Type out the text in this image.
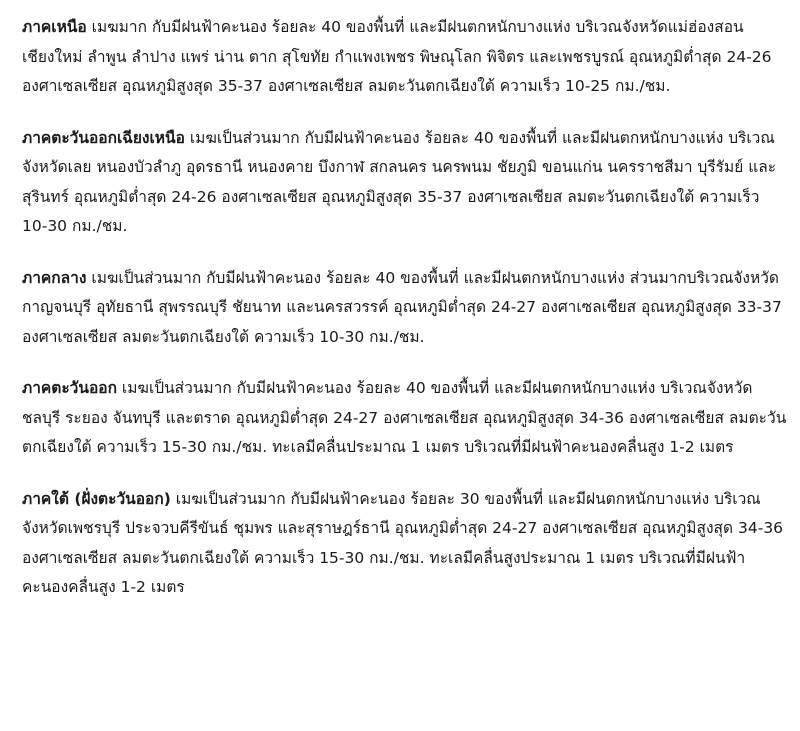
ภาคเหนือ เมฆมาก กับมีฝนฟ้าคะนอง ร้อยละ 40 ของพื้นที่ และมีฝนตกหนักบางแห่ง บริเวณจังหวัดแม่ฮ่องสอน เชียงใหม่ ลำพูน ลำปาง แพร่ น่าน ตาก สุโขทัย กำแพงเพชร พิษณุโลก พิจิตร และเพชรบูรณ์ อุณหภูมิต่ำสุด 24-26 องศาเซลเซียส อุณหภูมิสูงสุด 35-37 องศาเซลเซียส ลมตะวันตกเฉียงใต้ ความเร็ว 10-25 กม./ชม.

ภาคตะวันออกเฉียงเหนือ เมฆเป็นส่วนมาก กับมีฝนฟ้าคะนอง ร้อยละ 40 ของพื้นที่ และมีฝนตกหนักบางแห่ง บริเวณจังหวัดเลย หนองบัวลำภู อุดรธานี หนองคาย บึงกาฬ สกลนคร นครพนม ชัยภูมิ ขอนแก่น นครราชสีมา บุรีรัมย์ และสุรินทร์ อุณหภูมิต่ำสุด 24-26 องศาเซลเซียส อุณหภูมิสูงสุด 35-37 องศาเซลเซียส ลมตะวันตกเฉียงใต้ ความเร็ว 10-30 กม./ชม.

ภาคกลาง เมฆเป็นส่วนมาก กับมีฝนฟ้าคะนอง ร้อยละ 40 ของพื้นที่ และมีฝนตกหนักบางแห่ง ส่วนมากบริเวณจังหวัดกาญจนบุรี อุทัยธานี สุพรรณบุรี ชัยนาท และนครสวรรค์ อุณหภูมิต่ำสุด 24-27 องศาเซลเซียส อุณหภูมิสูงสุด 33-37 องศาเซลเซียส ลมตะวันตกเฉียงใต้ ความเร็ว 10-30 กม./ชม.

ภาคตะวันออก เมฆเป็นส่วนมาก กับมีฝนฟ้าคะนอง ร้อยละ 40 ของพื้นที่ และมีฝนตกหนักบางแห่ง บริเวณจังหวัดชลบุรี ระยอง จันทบุรี และตราด อุณหภูมิต่ำสุด 24-27 องศาเซลเซียส อุณหภูมิสูงสุด 34-36 องศาเซลเซียส ลมตะวันตกเฉียงใต้ ความเร็ว 15-30 กม./ชม. ทะเลมีคลื่นประมาณ 1 เมตร บริเวณที่มีฝนฟ้าคะนองคลื่นสูง 1-2 เมตร

ภาคใต้ (ฝั่งตะวันออก) เมฆเป็นส่วนมาก กับมีฝนฟ้าคะนอง ร้อยละ 30 ของพื้นที่ และมีฝนตกหนักบางแห่ง บริเวณจังหวัดเพชรบุรี ประจวบคีรีขันธ์ ชุมพร และสุราษฎร์ธานี อุณหภูมิต่ำสุด 24-27 องศาเซลเซียส อุณหภูมิสูงสุด 34-36 องศาเซลเซียส ลมตะวันตกเฉียงใต้ ความเร็ว 15-30 กม./ชม. ทะเลมีคลื่นสูงประมาณ 1 เมตร บริเวณที่มีฝนฟ้าคะนองคลื่นสูง 1-2 เมตร
